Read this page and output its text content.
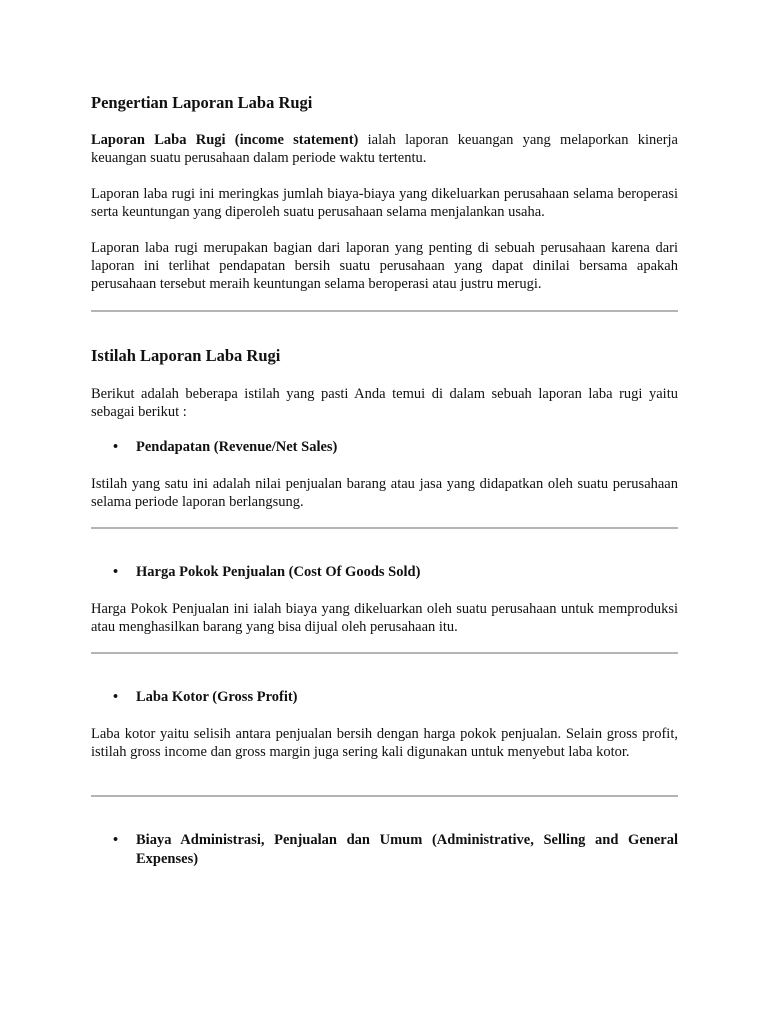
Pengertian Laporan Laba Rugi

Laporan Laba Rugi (income statement) ialah laporan keuangan yang melaporkan kinerja keuangan suatu perusahaan dalam periode waktu tertentu.

Laporan laba rugi ini meringkas jumlah biaya-biaya yang dikeluarkan perusahaan selama beroperasi serta keuntungan yang diperoleh suatu perusahaan selama menjalankan usaha.

Laporan laba rugi merupakan bagian dari laporan yang penting di sebuah perusahaan karena dari laporan ini terlihat pendapatan bersih suatu perusahaan yang dapat dinilai bersama apakah perusahaan tersebut meraih keuntungan selama beroperasi atau justru merugi.

Istilah Laporan Laba Rugi

Berikut adalah beberapa istilah yang pasti Anda temui di dalam sebuah laporan laba rugi yaitu sebagai berikut :

• Pendapatan (Revenue/Net Sales)

Istilah yang satu ini adalah nilai penjualan barang atau jasa yang didapatkan oleh suatu perusahaan selama periode laporan berlangsung.

• Harga Pokok Penjualan (Cost Of Goods Sold)

Harga Pokok Penjualan ini ialah biaya yang dikeluarkan oleh suatu perusahaan untuk memproduksi atau menghasilkan barang yang bisa dijual oleh perusahaan itu.

• Laba Kotor (Gross Profit)

Laba kotor yaitu selisih antara penjualan bersih dengan harga pokok penjualan. Selain gross profit, istilah gross income dan gross margin juga sering kali digunakan untuk menyebut laba kotor.

• Biaya Administrasi, Penjualan dan Umum (Administrative, Selling and General Expenses)
